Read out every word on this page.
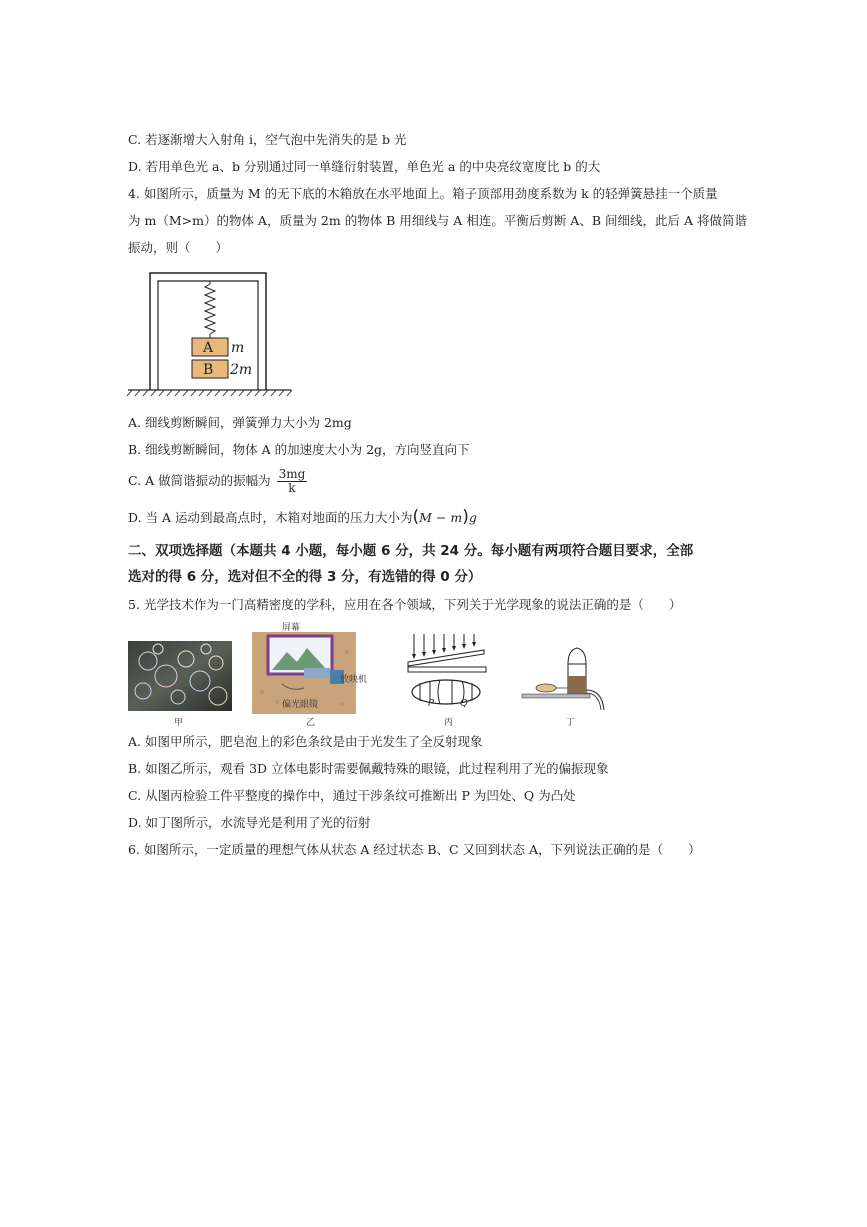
C. 若逐渐增大入射角 i，空气泡中先消失的是 b 光
D. 若用单色光 a、b 分别通过同一单缝衍射装置，单色光 a 的中央亮纹宽度比 b 的大
4. 如图所示，质量为 M 的无下底的木箱放在水平地面上。箱子顶部用劲度系数为 k 的轻弹簧悬挂一个质量
为 m（M>m）的物体 A，质量为 2m 的物体 B 用细线与 A 相连。平衡后剪断 A、B 间细线，此后 A 将做简谐
振动，则（　　）
A m
B 2m
A. 细线剪断瞬间，弹簧弹力大小为 2mg
B. 细线剪断瞬间，物体 A 的加速度大小为 2g，方向竖直向下
C. A 做简谐振动的振幅为 $\frac{3mg}{k}$
D. 当 A 运动到最高点时，木箱对地面的压力大小为(M − m)g
二、双项选择题（本题共 4 小题，每小题 6 分，共 24 分。每小题有两项符合题目要求，全部
选对的得 6 分，选对但不全的得 3 分，有选错的得 0 分）
5. 光学技术作为一门高精密度的学科，应用在各个领域，下列关于光学现象的说法正确的是（　　）
甲
屏幕
放映机
偏光眼镜
乙
P	Q
丙	丁
A. 如图甲所示，肥皂泡上的彩色条纹是由于光发生了全反射现象
B. 如图乙所示，观看 3D 立体电影时需要佩戴特殊的眼镜，此过程利用了光的偏振现象
C. 从图丙检验工件平整度的操作中，通过干涉条纹可推断出 P 为凹处、Q 为凸处
D. 如丁图所示，水流导光是利用了光的衍射
6. 如图所示，一定质量的理想气体从状态 A 经过状态 B、C 又回到状态 A，下列说法正确的是（　　）
